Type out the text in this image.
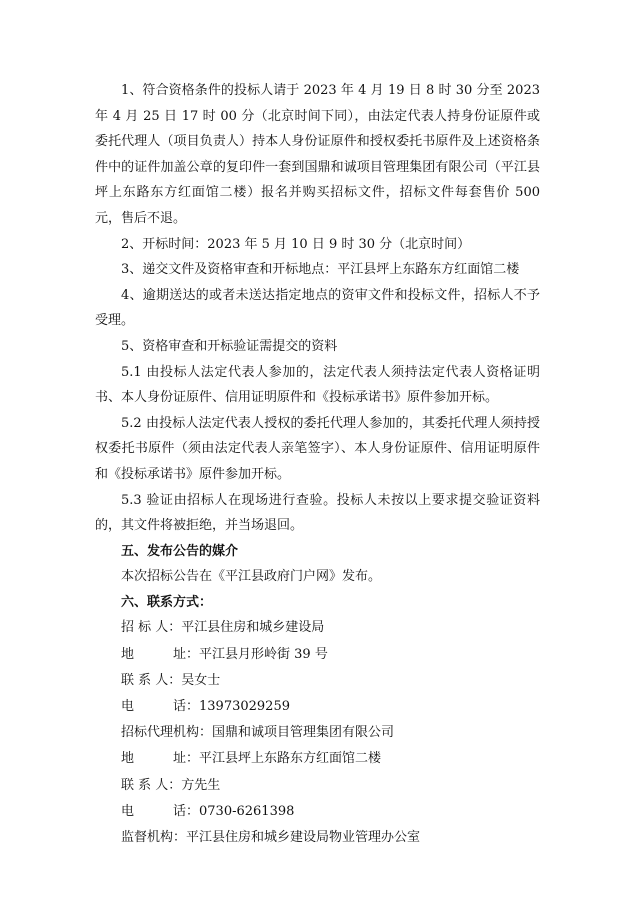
1、符合资格条件的投标人请于 2023 年 4 月 19 日 8 时 30 分至 2023 年 4 月 25 日 17 时 00 分（北京时间下同），由法定代表人持身份证原件或委托代理人（项目负责人）持本人身份证原件和授权委托书原件及上述资格条件中的证件加盖公章的复印件一套到国鼎和诚项目管理集团有限公司（平江县坪上东路东方红面馆二楼）报名并购买招标文件，招标文件每套售价 500 元，售后不退。

2、开标时间：2023 年 5 月 10 日 9 时 30 分（北京时间）

3、递交文件及资格审查和开标地点：平江县坪上东路东方红面馆二楼

4、逾期送达的或者未送达指定地点的资审文件和投标文件，招标人不予受理。

5、资格审查和开标验证需提交的资料

5.1 由投标人法定代表人参加的，法定代表人须持法定代表人资格证明书、本人身份证原件、信用证明原件和《投标承诺书》原件参加开标。

5.2 由投标人法定代表人授权的委托代理人参加的，其委托代理人须持授权委托书原件（须由法定代表人亲笔签字）、本人身份证原件、信用证明原件和《投标承诺书》原件参加开标。

5.3 验证由招标人在现场进行查验。投标人未按以上要求提交验证资料的，其文件将被拒绝，并当场退回。

五、发布公告的媒介

本次招标公告在《平江县政府门户网》发布。

六、联系方式：

招 标 人： 平江县住房和城乡建设局
地　　　址： 平江县月形岭街 39 号
联 系 人： 吴女士
电　　　话： 13973029259
招标代理机构： 国鼎和诚项目管理集团有限公司
地　　　址： 平江县坪上东路东方红面馆二楼
联 系 人： 方先生
电　　　话： 0730-6261398
监督机构： 平江县住房和城乡建设局物业管理办公室
